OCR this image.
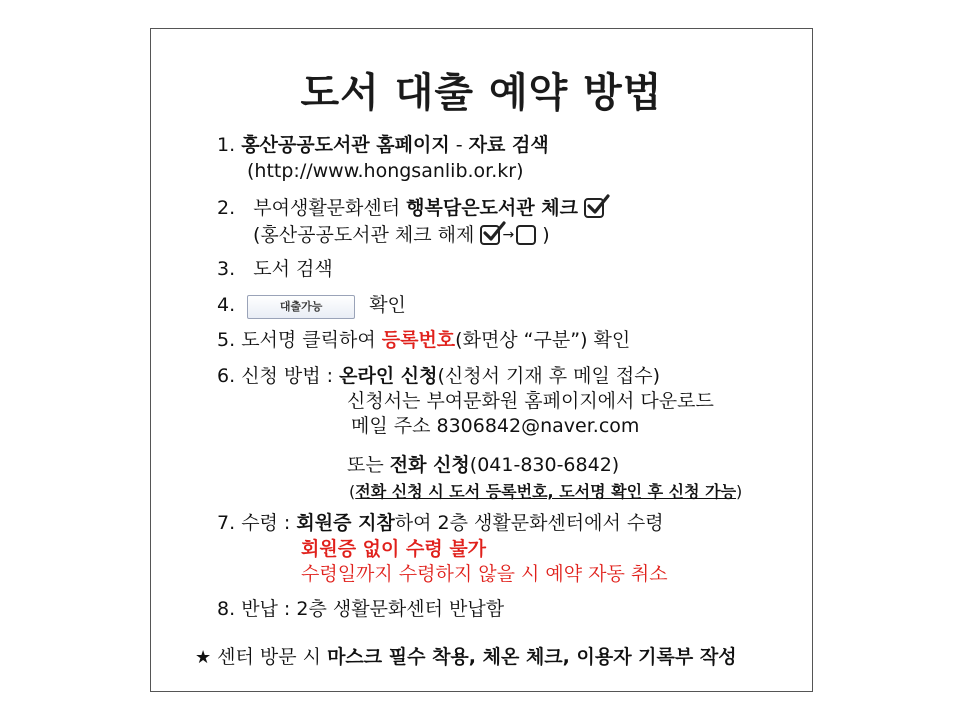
도서 대출 예약 방법
1. 홍산공공도서관 홈페이지 - 자료 검색
(http://www.hongsanlib.or.kr)
2. 부여생활문화센터 행복담은도서관 체크
(홍산공공도서관 체크 해제
→ )
3. 도서 검색
4.	대출가능 확인
5. 도서명 클릭하여 등록번호(화면상 “구분”) 확인
6. 신청 방법 : 온라인 신청(신청서 기재 후 메일 접수)
신청서는 부여문화원 홈페이지에서 다운로드
메일 주소 8306842@naver.com
또는 전화 신청(041-830-6842)
(전화 신청 시 도서 등록번호, 도서명 확인 후 신청 가능)
7. 수령 : 회원증 지참하여 2층 생활문화센터에서 수령
회원증 없이 수령 불가
수령일까지 수령하지 않을 시 예약 자동 취소
8. 반납 : 2층 생활문화센터 반납함
★ 센터 방문 시 마스크 필수 착용, 체온 체크, 이용자 기록부 작성
